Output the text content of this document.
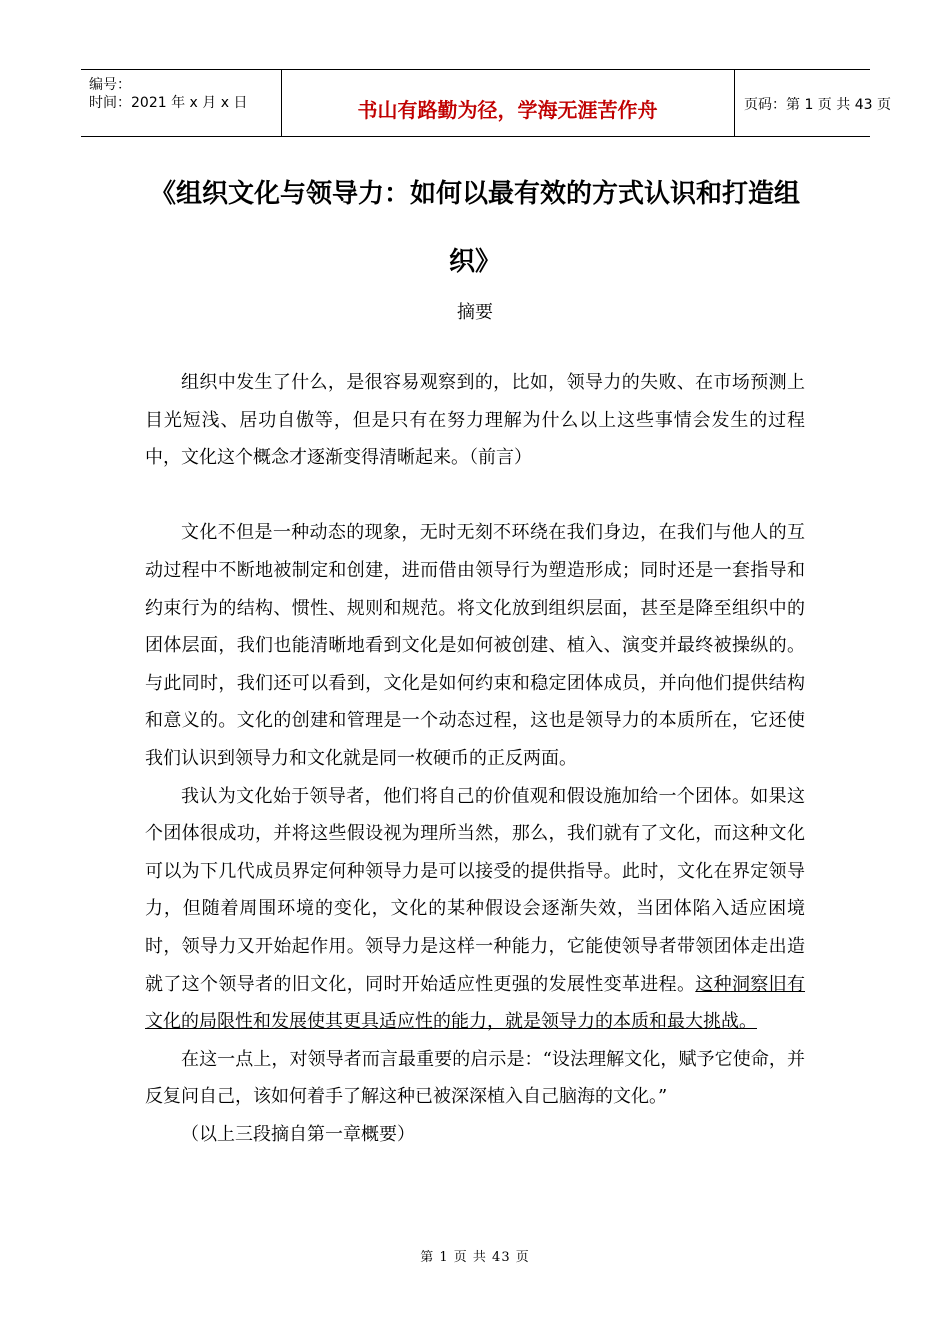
编号：
时间：2021 年 x 月 x 日	书山有路勤为径，学海无涯苦作舟	页码：第 1 页 共 43 页
《组织文化与领导力：如何以最有效的方式认识和打造组织》
摘要

组织中发生了什么，是很容易观察到的，比如，领导力的失败、在市场预测上目光短浅、居功自傲等，但是只有在努力理解为什么以上这些事情会发生的过程中，文化这个概念才逐渐变得清晰起来。（前言）

文化不但是一种动态的现象，无时无刻不环绕在我们身边，在我们与他人的互动过程中不断地被制定和创建，进而借由领导行为塑造形成；同时还是一套指导和约束行为的结构、惯性、规则和规范。将文化放到组织层面，甚至是降至组织中的团体层面，我们也能清晰地看到文化是如何被创建、植入、演变并最终被操纵的。与此同时，我们还可以看到，文化是如何约束和稳定团体成员，并向他们提供结构和意义的。文化的创建和管理是一个动态过程，这也是领导力的本质所在，它还使我们认识到领导力和文化就是同一枚硬币的正反两面。

我认为文化始于领导者，他们将自己的价值观和假设施加给一个团体。如果这个团体很成功，并将这些假设视为理所当然，那么，我们就有了文化，而这种文化可以为下几代成员界定何种领导力是可以接受的提供指导。此时，文化在界定领导力，但随着周围环境的变化，文化的某种假设会逐渐失效，当团体陷入适应困境时，领导力又开始起作用。领导力是这样一种能力，它能使领导者带领团体走出造就了这个领导者的旧文化，同时开始适应性更强的发展性变革进程。这种洞察旧有文化的局限性和发展使其更具适应性的能力，就是领导力的本质和最大挑战。

在这一点上，对领导者而言最重要的启示是：“设法理解文化，赋予它使命，并反复问自己，该如何着手了解这种已被深深植入自己脑海的文化。”

（以上三段摘自第一章概要）
第 1 页 共 43 页
